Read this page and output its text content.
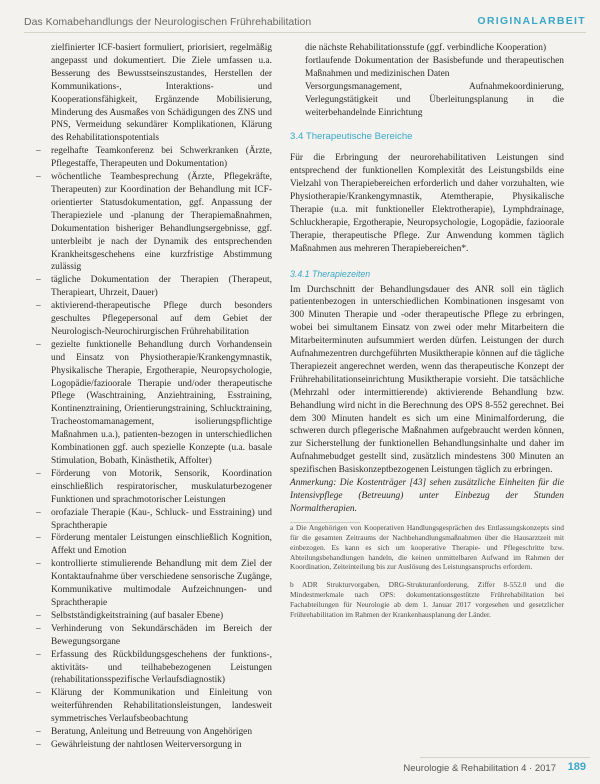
Das Komabehandlungs der Neurologischen Frührehabilitation	ORIGINALARBEIT

zielfinierter ICF-basiert formuliert, priorisiert, regelmäßig angepasst und dokumentiert. Die Ziele umfassen u.a. Besserung des Bewusstseinszustandes, Herstellen der Kommunikations-, Interaktions- und Kooperationsfähigkeit, Ergänzende Mobilisierung, Minderung des Ausmaßes von Schädigungen des ZNS und PNS, Vermeidung sekundärer Komplikationen, Klärung des Rehabilitationspotentials

– regelhafte Teamkonferenz bei Schwerkranken (Ärzte, Pflegestaffe, Therapeuten und Dokumentation)
– wöchentliche Teambesprechung (Ärzte, Pflegekräfte, Therapeuten) zur Koordination der Behandlung mit ICF-orientierter Statusdokumentation, ggf. Anpassung der Therapieziele und -planung der Therapiemaßnahmen, Dokumentation bisheriger Behandlungsergebnisse, ggf. unterbleibt je nach der Dynamik des entsprechenden Krankheitsgeschehens eine kurzfristige Abstimmung zulässig
– tägliche Dokumentation der Therapien (Therapeut, Therapieart, Uhrzeit, Dauer)
– aktivierend-therapeutische Pflege durch besonders geschultes Pflegepersonal auf dem Gebiet der Neurologisch-Neurochirurgischen Frührehabilitation
– gezielte funktionelle Behandlung durch Vorhandensein und Einsatz von Physiotherapie/Krankengymnastik, Physikalische Therapie, Ergotherapie, Neuropsychologie, Logopädie/fazioorale Therapie und/oder therapeutische Pflege (Waschtraining, Anziehtraining, Esstraining, Kontinenztraining, Orientierungstraining, Schlucktraining, Tracheostomamanagement, isolierungspflichtige Maßnahmen u.a.), patienten-bezogen in unterschiedlichen Kombinationen ggf. auch spezielle Konzepte (u.a. basale Stimulation, Bobath, Kinästhetik, Affolter)
– Förderung von Motorik, Sensorik, Koordination einschließlich respiratorischer, muskulaturbezogener Funktionen und sprachmotorischer Leistungen
– orofaziale Therapie (Kau-, Schluck- und Esstraining) und Sprachtherapie
– Förderung mentaler Leistungen einschließlich Kognition, Affekt und Emotion
– kontrollierte stimulierende Behandlung mit dem Ziel der Kontaktaufnahme über verschiedene sensorische Zugänge, Kommunikative multimodale Aufzeichnungen- und Sprachtherapie
– Selbstständigkeitstraining (auf basaler Ebene)
– Verhinderung von Sekundärschäden im Bereich der Bewegungsorgane
– Erfassung des Rückbildungsgeschehens der funktions-, aktivitäts- und teilhabebezogenen Leistungen (rehabilitationsspezifische Verlaufsdiagnostik)
– Klärung der Kommunikation und Einleitung von weiterführenden Rehabilitationsleistungen, landesweit symmetrisches Verlaufsbeobachtung
– Beratung, Anleitung und Betreuung von Angehörigen
– Gewährleistung der nahtlosen Weiterversorgung in

die nächste Rehabilitationsstufe (ggf. verbindliche Kooperation)

fortlaufende Dokumentation der Basisbefunde und therapeutischen Maßnahmen und medizinischen Daten

Versorgungsmanagement, Aufnahmekoordinierung, Verlegungstätigkeit und Überleitungsplanung in die weiterbehandelnde Einrichtung

3.4 Therapeutische Bereiche

Für die Erbringung der neurorehabilitativen Leistungen sind entsprechend der funktionellen Komplexität des Leistungsbilds eine Vielzahl von Therapiebereichen erforderlich und daher vorzuhalten, wie Physiotherapie/Krankengymnastik, Atemtherapie, Physikalische Therapie (u.a. mit funktioneller Elektrotherapie), Lymphdrainage, Schluckherapie, Ergotherapie, Neuropsychologie, Logopädie, fazioorale Therapie, therapeutische Pflege. Zur Anwendung kommen täglich Maßnahmen aus mehreren Therapiebereichen*.

3.4.1 Therapiezeiten

Im Durchschnitt der Behandlungsdauer des ANR soll ein täglich patientenbezogen in unterschiedlichen Kombinationen insgesamt von 300 Minuten Therapie und -oder therapeutische Pflege zu erbringen, wobei bei simultanem Einsatz von zwei oder mehr Mitarbeitern die Mitarbeiterminuten aufsummiert werden dürfen. Leistungen der durch Aufnahmezentren durchgeführten Musiktherapie können auf die tägliche Therapiezeit angerechnet werden, wenn das therapeutische Konzept der Frührehabilitationseinrichtung Musiktherapie vorsieht. Die tatsächliche (Mehrzahl oder intermittierende) aktivierende Behandlung bzw. Behandlung wird nicht in die Berechnung des OPS 8-552 gerechnet. Bei dem 300 Minuten handelt es sich um eine Minimalforderung, die schweren durch pflegerische Maßnahmen aufgebraucht werden können, zur Sicherstellung der funktionellen Behandlungsinhalte und daher im Aufnahmebudget gestellt sind, zusätzlich mindestens 300 Minuten an spezifischen Basiskonzeptbezogenen Leistungen täglich zu erbringen.

Anmerkung: Die Kostenträger [43] sehen zusätzliche Einheiten für die Intensivpflege (Betreuung) unter Einbezug der Stunden Normaltherapien.

a Die Angehörigen von Kooperativen Handlungsgesprächen des Entlassungskonzepts sind für die gesamten Zeitraums der Nachbehandlungsmaßnahmen über die Hausarztzeit mit einbezogen. Es kann es sich um kooperative Therapie- und Pflegeschritte bzw. Abteilungsbehandlungen handeln, die keinen unmittelbaren Aufwand im Rahmen der Koordination, Zeiteinteilung bis zur Auslösung des Leistungsanspruchs erfordern.

b ADR Strukturvorgaben, DRG-Strukturanforderung, Ziffer 8-552.0 und die Mindestmerkmale nach OPS: dokumentationsgestützte Frührehabilitation bei Fachabteilungen für Neurologie ab dem 1. Januar 2017 vorgesehen und gesetzlicher Frührehabilitation im Rahmen der Krankenhausplanung der Länder.

Neurologie & Rehabilitation 4 · 2017	189
